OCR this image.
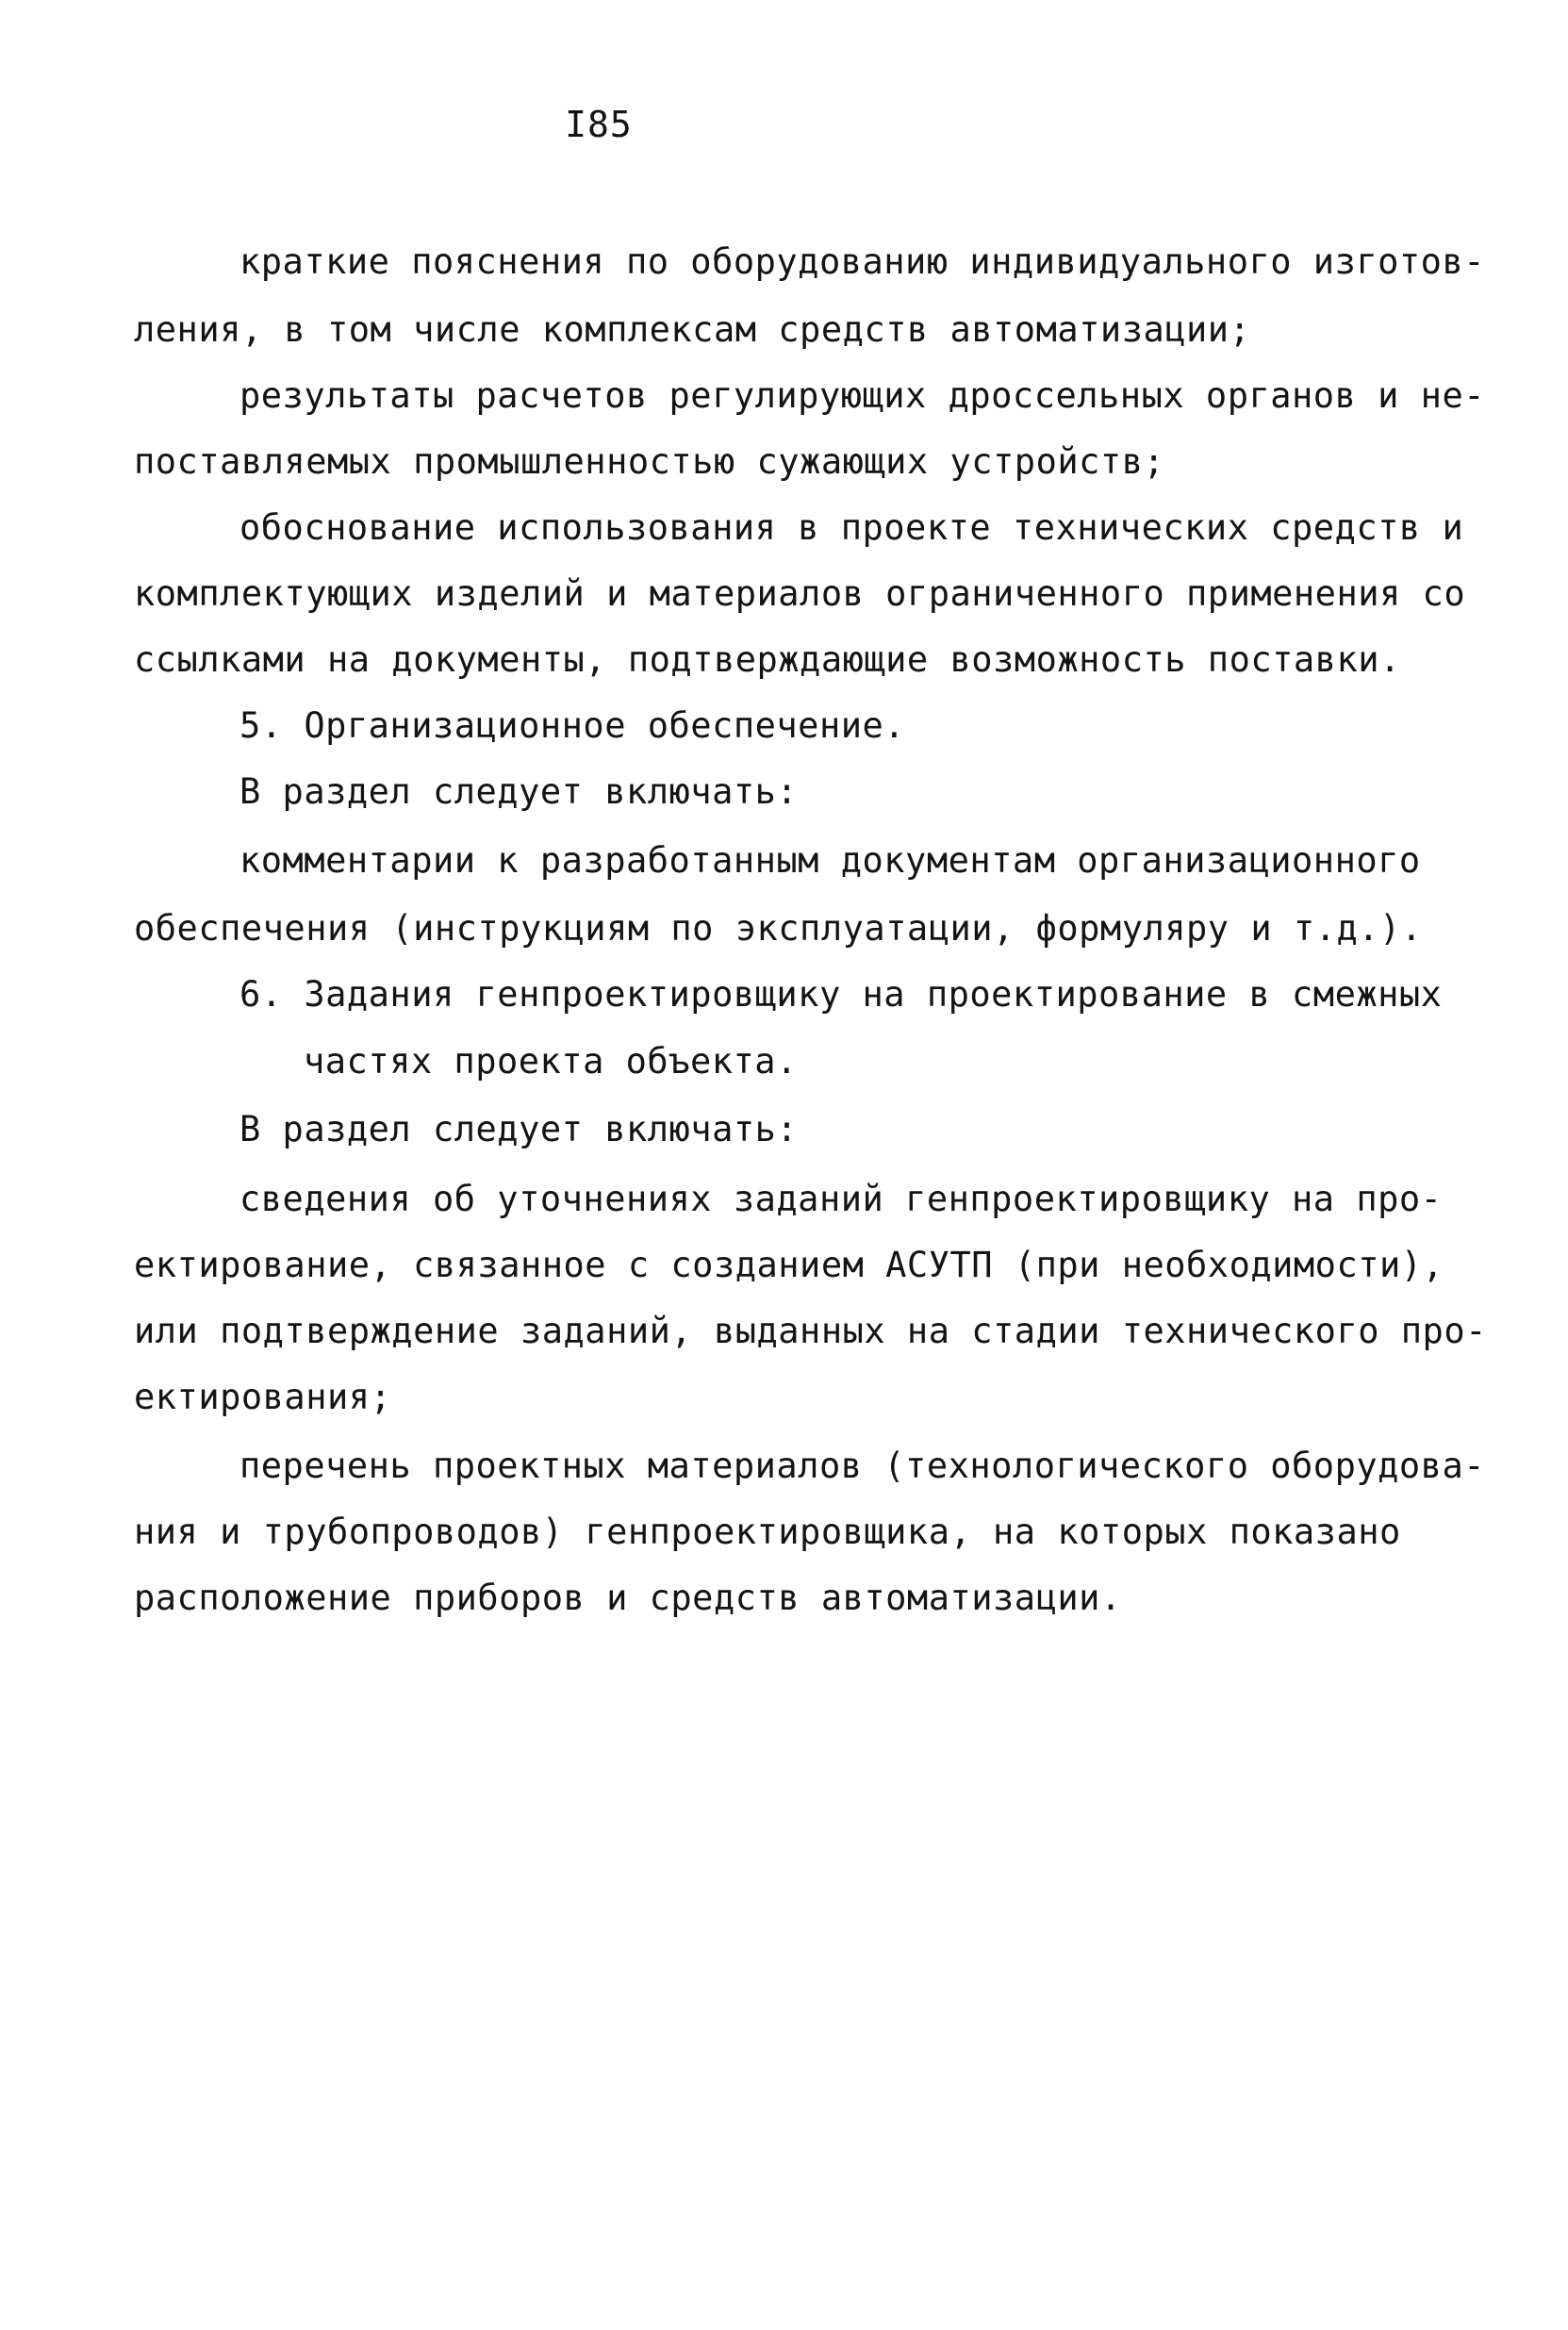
I85
краткие пояснения по оборудованию индивидуального изготов-
ления, в том числе комплексам средств автоматизации;
результаты расчетов регулирующих дроссельных органов и не-
поставляемых промышленностью сужающих устройств;
обоснование использования в проекте технических средств и
комплектующих изделий и материалов ограниченного применения со
ссылками на документы, подтверждающие возможность поставки.
5. Организационное обеспечение.
В раздел следует включать:
комментарии к разработанным документам организационного
обеспечения (инструкциям по эксплуатации, формуляру и т.д.).
6. Задания генпроектировщику на проектирование в смежных
частях проекта объекта.
В раздел следует включать:
сведения об уточнениях заданий генпроектировщику на про-
ектирование, связанное с созданием АСУТП (при необходимости),
или подтверждение заданий, выданных на стадии технического про-
ектирования;
перечень проектных материалов (технологического оборудова-
ния и трубопроводов) генпроектировщика, на которых показано
расположение приборов и средств автоматизации.
